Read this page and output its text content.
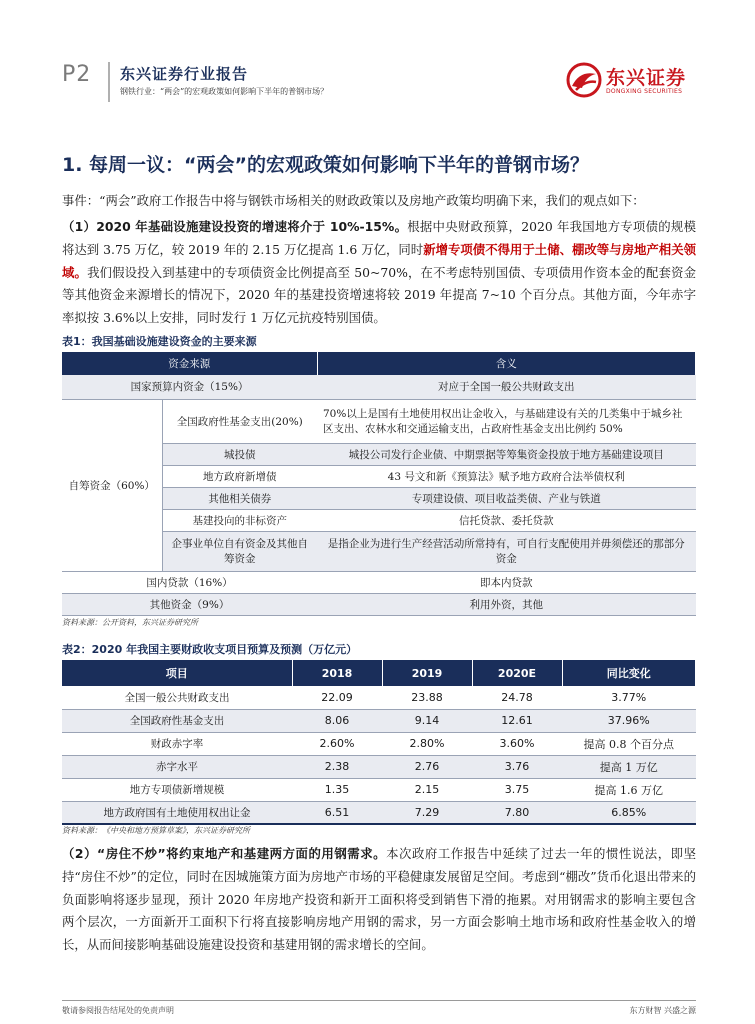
P2 东兴证券行业报告
钢铁行业：“两会”的宏观政策如何影响下半年的普钢市场？
东兴证券
DONGXING SECURITIES
1. 每周一议：“两会”的宏观政策如何影响下半年的普钢市场？
事件：“两会”政府工作报告中将与钢铁市场相关的财政政策以及房地产政策均明确下来，我们的观点如下：
（1）2020 年基础设施建设投资的增速将介于 10%-15%。根据中央财政预算，2020 年我国地方专项债的规模将达到 3.75 万亿，较 2019 年的 2.15 万亿提高 1.6 万亿，同时新增专项债不得用于土储、棚改等与房地产相关领域。我们假设投入到基建中的专项债资金比例提高至 50~70%，在不考虑特别国债、专项债用作资本金的配套资金等其他资金来源增长的情况下，2020 年的基建投资增速将较 2019 年提高 7~10 个百分点。其他方面，今年赤字率拟按 3.6%以上安排，同时发行 1 万亿元抗疫特别国债。
表1：我国基础设施建设资金的主要来源
资金来源		含义
国家预算内资金（15%）		对应于全国一般公共财政支出
自筹资金（60%）	全国政府性基金支出(20%)	70%以上是国有土地使用权出让金收入，与基础建设有关的几类集中于城乡社区支出、农林水和交通运输支出，占政府性基金支出比例约 50%
	城投债	城投公司发行企业债、中期票据等筹集资金投放于地方基础建设项目
	地方政府新增债	43 号文和新《预算法》赋予地方政府合法举债权利
	其他相关债券	专项建设债、项目收益类债、产业与铁道
	基建投向的非标资产	信托贷款、委托贷款
	企事业单位自有资金及其他自筹资金	是指企业为进行生产经营活动所常持有，可自行支配使用并毋须偿还的那部分资金
国内贷款（16%）		即本内贷款
其他资金（9%）		利用外资，其他
资料来源：公开资料，东兴证券研究所
表2：2020 年我国主要财政收支项目预算及预测（万亿元）
项目	2018	2019	2020E	同比变化
全国一般公共财政支出	22.09	23.88	24.78	3.77%
全国政府性基金支出	8.06	9.14	12.61	37.96%
财政赤字率	2.60%	2.80%	3.60%	提高 0.8 个百分点
赤字水平	2.38	2.76	3.76	提高 1 万亿
地方专项债新增规模	1.35	2.15	3.75	提高 1.6 万亿
地方政府国有土地使用权出让金	6.51	7.29	7.80	6.85%
资料来源：《中央和地方预算草案》，东兴证券研究所
（2）“房住不炒”将约束地产和基建两方面的用钢需求。本次政府工作报告中延续了过去一年的惯性说法，即坚持“房住不炒”的定位，同时在因城施策方面为房地产市场的平稳健康发展留足空间。考虑到“棚改”货币化退出带来的负面影响将逐步显现，预计 2020 年房地产投资和新开工面积将受到销售下滑的拖累。对用钢需求的影响主要包含两个层次，一方面新开工面积下行将直接影响房地产用钢的需求，另一方面会影响土地市场和政府性基金收入的增长，从而间接影响基础设施建设投资和基建用钢的需求增长的空间。
敬请参阅报告结尾处的免责声明	东方财智 兴盛之源
